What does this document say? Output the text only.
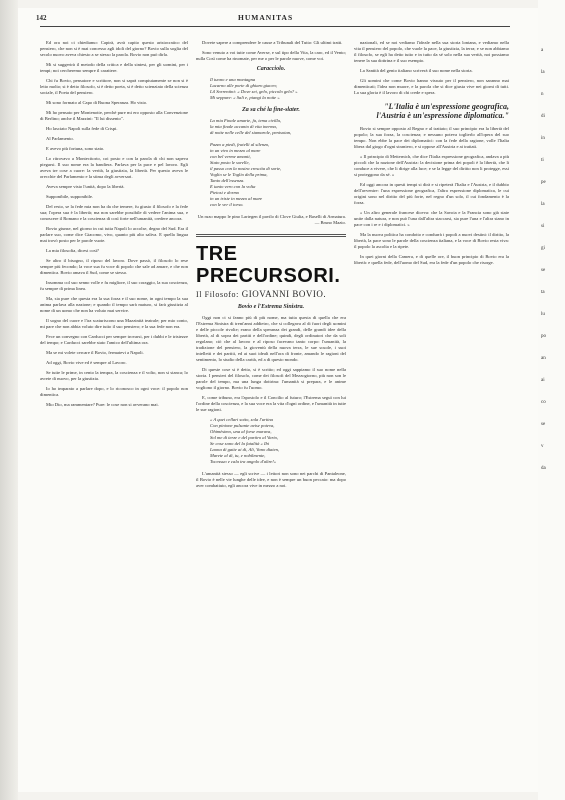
142	HUMANITAS

Ed ora noi ci chiediamo: Capirà, avrà capito questo aristocratico del pensiero, che non si è mai concesso agli idoli del giorno? Bovio sulla soglia del secolo nuovo aveva chiesto a se stesso la parola. Bovio non può dirla.

Mi si suggerirà il metodo della critica e della sintesi, per gli uomini, per i tempi; noi cercheremo sempre il carattere.

Chi fu Bovio, pensatore e scrittore, non si saprà compiutamente se non si è letto molto; si è detto filosofo, si è detto poeta, si è detto scienziato della scienza sociale, il Poeta del pensiero.

Mi sono formato al Capo di Buona Speranza. Ho visto.

Mi ho pensato per Montenotte, perchè pure mi ero opposto alla Convenzione di Berlino; anche il Mazzini: "Il lui dissento".

Ho lasciato Napoli sulla fede di Crispi.

Al Parlamento.

E avevo più fortuna, sono stato.

Lo ritrovavo a Montecitorio, coi posto e con la parola di chi non sapeva piegarsi. Il suo nome era la bandiera. Parlava per la pace e pel lavoro. Egli aveva tre cose a cuore: la verità, la giustizia, la libertà. Per questo aveva le orecchie del Parlamento e la stima degli avversari.

Aveva sempre visto l'unità, dopo la libertà.

Supponibile, supponibile.

Del resto, se la fede mia non ha da che temere, fu giusto il filosofo e la fede sua; l'opera sua è la libertà; ma non sarebbe possibile di vedere l'anima sua, e conoscere il Romano e la coscienza di così forte nell'umanità, credere ancora.

Bovio giunse, nel giorno in cui tutta Napoli lo accolse, degno del Sud. Era il parlare suo, come dice Giacomo, vivo, quanto più alto saliva. E quella lingua mai trovò posto per le parole vuote.

La mia filosofia, dicesi così?

Se altro il bisogno, il riposo del lavoro. Dove passò, il filosofo lo rese sempre più fecondo; la voce sua fu voce di popolo che sale ad amare, e che non dimentica. Bovio amava il Sud, come se stesso.

Insomma col suo senno volle e fu migliore, il suo coraggio, la sua coscienza, fu sempre di prima linea.

Ma, sia pure che questa era la sua forza e il suo nome, in ogni tempo la sua anima parlava alla nazione; e quando il tempo sarà maturo, si farà giustizia al nome di un uomo che non ha voluto mai servire.

Il sogno del cuore e l'ira scaturiscono una Mazzinità teatrale; per mio conto, mi pare che non abbia voluto dire tutto il suo pensiero; e la sua fede non era.

Fece un convegno con Carducci per sempre trovarsi, per i dubbi e le tristezze del tempo; e Carducci sarebbe stato l'amico dell'ultima ora.

Ma se mi volete cercare il Bovio, fermatevi a Napoli.

Ad oggi, Bovio vive ed è sempre al Lavoro.

Se tutte le prime, in cento la tempra, la coscienza e il volto, non si stanca; lo avrete di nuovo, per la giustizia.

Io ho imparato a parlare dopo, e lo riconosco in ogni voce: il popolo non dimentica.

Mio Dio, ma rammentare? Pure: le cose non si avverano mai.

Dovete sapere a comprendere le cause a Tribunali del Tutto: Gli ultimi tratti.

Sono venuto a voi tutte come Averse, e sul tipo della Vita, la caro, ed il Vento; nulla Così come ha rinomate, per me o per le parole nuove, come voi.

Caracciolo.
Il tuono e una montagna
Lucarno alle porte di ghiaro giaceo;
Lil Sorrentini: « Dove sei, gelo, piccolo gelo? »
Mi seppure: « Sali e, piangi la notte »
Za sa ché la fine-slater.
La mia Finale amarte, fa, tema civilla,
la mia finale accanto di vita inerma,
di notte nelle celle del siamarole, penisotan,
Pazzo a piedi, fratelli al silenzo,
in un vivo in mezzo al mare
con bel verme amanti,
Stato posto le sorelle,
il passo con la nostra crescita di sorte,
Voglio se le Toglio della prima,
Tanto dell'essenza.
E tanto vero con la volta
Pietosi e dormo
in un triste in mezzo al mare
con le ver il torso.

Un ruzo mappo le pino Lartegen il pavilo di Clove Giulia, e Baselli di Armatura. — Bruno Mazio.

TRE PRECURSORI.
Il Filosofo: GIOVANNI BOVIO.
Bovio e l'Estrema Sinistra.

Oggi non ci si fanno più di più nome, ma tutta questa di quella che era l'Estrema Sinistra di trent'anni addietro, che si collegava al di fuori degli uomini e delle piccole rivolte; erano della speranza dei grandi, delle grandi idee della libertà, al di sopra dei partiti e dell'ordine; quindi, degli ordinatori che da soli regolano; ciò che al lavoro e al riposo facevano tanto corpo: l'umanità, la tradizione del pensiero, la gioventù della nuova terra, le sue scuole, i suoi intelletti e dei partiti, ed ai suoi ideali nell'ora di fronte, amando le ragioni del sentimento, lo studio della carità, ed a di questo mondo.

Di queste cose si è detto, si è scritto; ed oggi sappiamo il suo nome nella storia. I pensieri del filosofo, come dei filosofi del Mezzogiorno, più non son le parole del tempo, ma una lunga dottrina: l'umanità si prepara, e le anime vogliono il giorno. Bovio fu l'uomo.

E, come tribuno, era l'apostolo e il Concilio al futuro; l'Estrema seguì con lui l'ordine della coscienza, e la sua voce era la vita d'ogni ordine, e l'umanità in tutte le sue ragioni.

« A quei cellari sotto, sola l'urtina
Con pinione pulsante avise poteva,
Ohimèsimo, una al forse murava,
Sol me di terze e del partiro al Vario,
Se cose sono del la fatalità « Ibi
Laona di gatte ai di, Ali, Vano diaten,
Marete al di, tu, e nobilmente,
Tocessuo e cala tra angolo d'altre!»

L'umanità stesso — egli scrive — i lettori non sono nei parchi di Pantaleone, il Bovio è nelle vie lunghe delle idee, e non è sempre un buon peccato: ma dopo aver combattuto, egli ancora vive in mezzo a noi.

nazionali, ed se noi vediamo l'ideale nella sua storia lontana, e vediamo nella vita il pensiero del popolo, che vuole la pace, la giustizia, la terra; e se non abbiamo il filosofo, se egli ha detto tutto e in tutto da sé solo nella sua verità, noi possiamo tenere la sua dottrina e il suo esempio.

La Santità del genio italiano scriverà il suo nome nella storia.

Gli uomini che come Bovio hanno vissuto per il pensiero, non saranno mai dimenticati; l'idea non muore, e la parola che si dice giusta vive nei giorni di tutti. La sua gloria è il lavoro di chi crede e spera.

"L'Italia è un'espressione geografica, l'Austria è un'espressione diplomatica."

Bovio si sempre opposto al Regno e al trattato; il suo principio era la libertà del popolo; la sua forza, la coscienza; e nessuno poteva toglierlo all'opera del suo tempo. Non ebbe la pace dei diplomatici: con la fede della ragione, volle l'Italia libera dal giogo d'ogni straniero, e si oppose all'Austria e ai trattati.

« Il principio di Metternich, che dice l'Italia espressione geografica, andava a più piccoli che la nazione dell'Austria: la decisione prima dei popoli è la libertà, che li conduce a vivere, che li dirige alla luce; e se la legge del diritto non li protegge, essi si proteggono da sé. »

Ed oggi ancora in questi tempi si dirà e si ripeterà l'Italia e l'Austria, e il dubbio dell'avvenire: l'una espressione geografica, l'altra espressione diplomatica, le cui origini sono nel diritto del più forte, nel regno d'un solo, il cui fondamento è la forza.

« Un altro generale francese diceva: che la Savoia e la Francia sono già state unite dalla natura, e non può l'una dall'altra staccarsi, sia pure l'una e l'altra siano in pace con i re e i diplomatici. »

Ma la nuova politica ha condotto e condurrà i popoli a nuovi destini: il diritto, la libertà, la pace sono le parole della coscienza italiana, e la voce di Bovio resta viva: il popolo la ascolta e la ripete.

In quei giorni della Camera, e di quelle ore, il buon principio di Bovio era la libertà: e quella fede, dell'uomo del Sud, era la fede d'un popolo che risorge.

a
la
n
di
in
ti
pe
la
si
gi
se
ta
lu
po
an
ai
co
se
v
da
